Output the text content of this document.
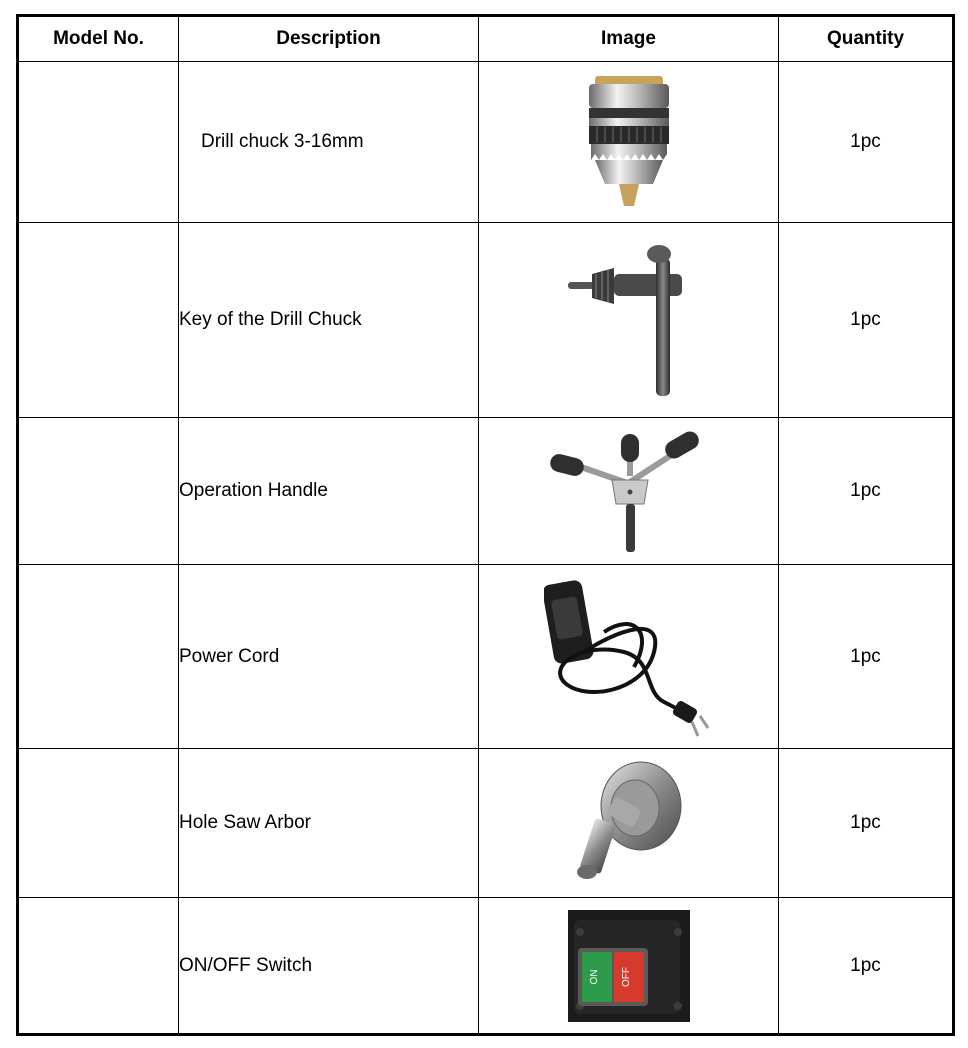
Model No.	Description	Image	Quantity
	Drill chuck 3-16mm		1pc
	Key of the Drill Chuck		1pc
	Operation Handle		1pc
	Power Cord		1pc
	Hole Saw Arbor		1pc
	ON/OFF Switch	ON OFF	1pc
